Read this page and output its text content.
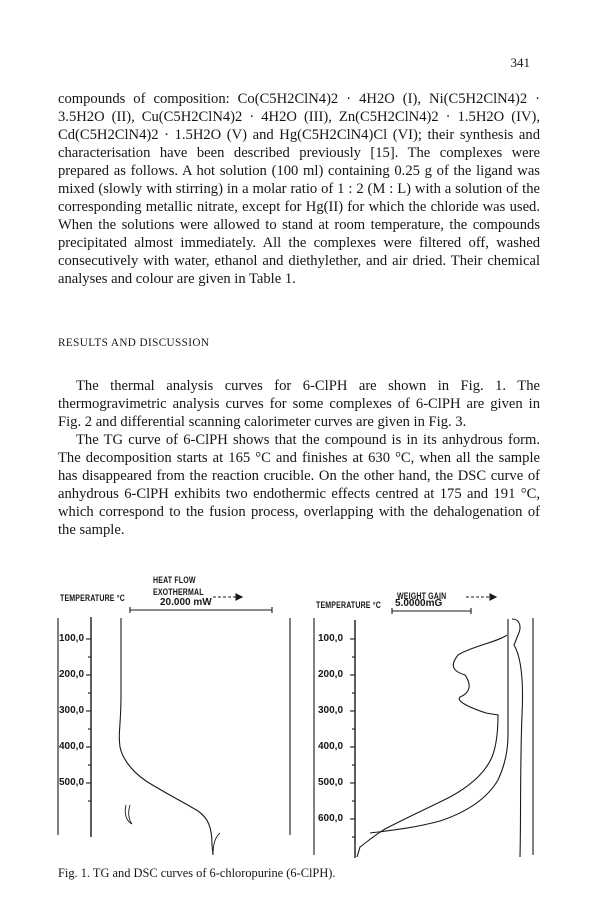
341

compounds of composition: Co(C5H2ClN4)2 · 4H2O (I), Ni(C5H2ClN4)2 · 3.5H2O (II), Cu(C5H2ClN4)2 · 4H2O (III), Zn(C5H2ClN4)2 · 1.5H2O (IV), Cd(C5H2ClN4)2 · 1.5H2O (V) and Hg(C5H2ClN4)Cl (VI); their synthesis and characterisation have been described previously [15]. The complexes were prepared as follows. A hot solution (100 ml) containing 0.25 g of the ligand was mixed (slowly with stirring) in a molar ratio of 1 : 2 (M : L) with a solution of the corresponding metallic nitrate, except for Hg(II) for which the chloride was used. When the solutions were allowed to stand at room temperature, the compounds precipitated almost immediately. All the complexes were filtered off, washed consecutively with water, ethanol and diethylether, and air dried. Their chemical analyses and colour are given in Table 1.

RESULTS AND DISCUSSION

The thermal analysis curves for 6-ClPH are shown in Fig. 1. The thermogravimetric analysis curves for some complexes of 6-ClPH are given in Fig. 2 and differential scanning calorimeter curves are given in Fig. 3.

The TG curve of 6-ClPH shows that the compound is in its anhydrous form. The decomposition starts at 165 °C and finishes at 630 °C, when all the sample has disappeared from the reaction crucible. On the other hand, the DSC curve of anhydrous 6-ClPH exhibits two endothermic effects centred at 175 and 191 °C, which correspond to the fusion process, overlapping with the dehalogenation of the sample.

TEMPERATURE °C
HEAT FLOW
EXOTHERMAL
20.000 mW
100,0
200,0
300,0
400,0
500,0
TEMPERATURE °C
WEIGHT GAIN
5.0000mG
100,0
200,0
300,0
400,0
500,0
600,0
Fig. 1. TG and DSC curves of 6-chloropurine (6-ClPH).
